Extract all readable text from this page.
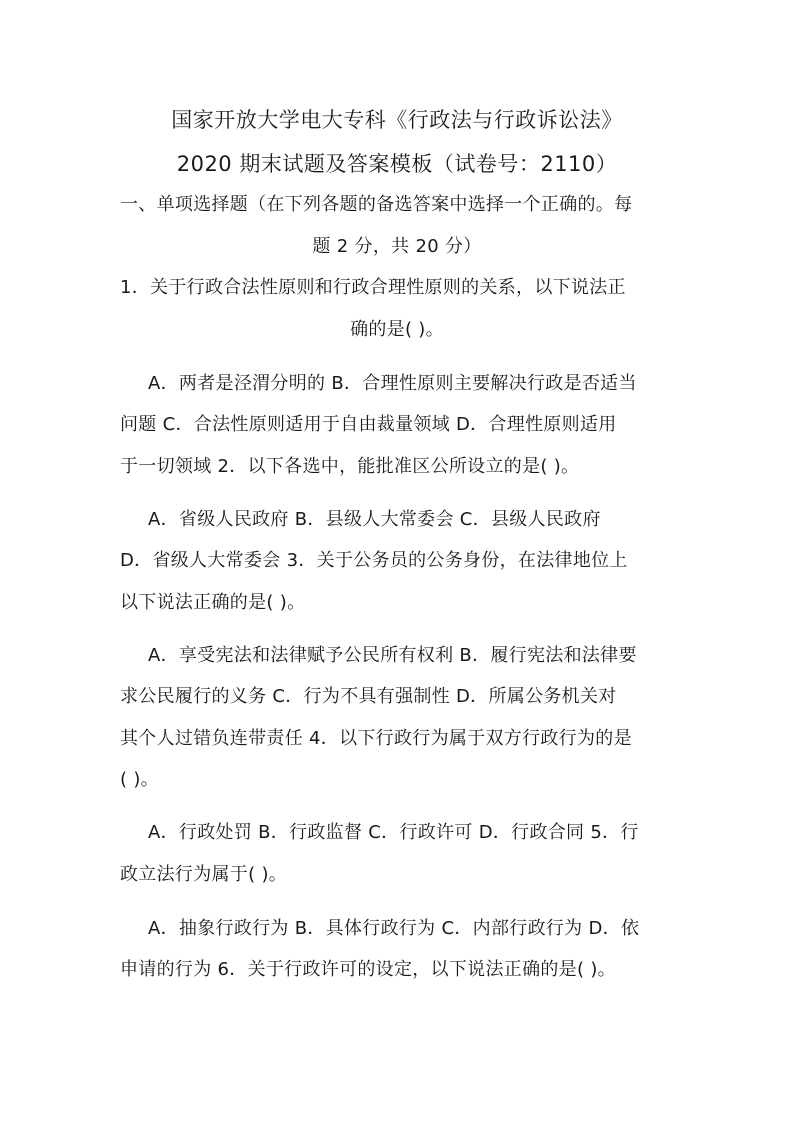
国家开放大学电大专科《行政法与行政诉讼法》
2020 期末试题及答案模板（试卷号：2110）
一、单项选择题（在下列各题的备选答案中选择一个正确的。每
题 2 分，共 20 分）
1．关于行政合法性原则和行政合理性原则的关系，以下说法正
确的是( )。
A．两者是泾渭分明的 B．合理性原则主要解决行政是否适当
问题 C．合法性原则适用于自由裁量领域 D．合理性原则适用
于一切领域 2．以下各选中，能批准区公所设立的是( )。
A．省级人民政府 B．县级人大常委会 C．县级人民政府
D．省级人大常委会 3．关于公务员的公务身份，在法律地位上
以下说法正确的是( )。
A．享受宪法和法律赋予公民所有权利 B．履行宪法和法律要
求公民履行的义务 C．行为不具有强制性 D．所属公务机关对
其个人过错负连带责任 4．以下行政行为属于双方行政行为的是
( )。
A．行政处罚 B．行政监督 C．行政许可 D．行政合同 5．行
政立法行为属于( )。
A．抽象行政行为 B．具体行政行为 C．内部行政行为 D．依
申请的行为 6．关于行政许可的设定，以下说法正确的是( )。
